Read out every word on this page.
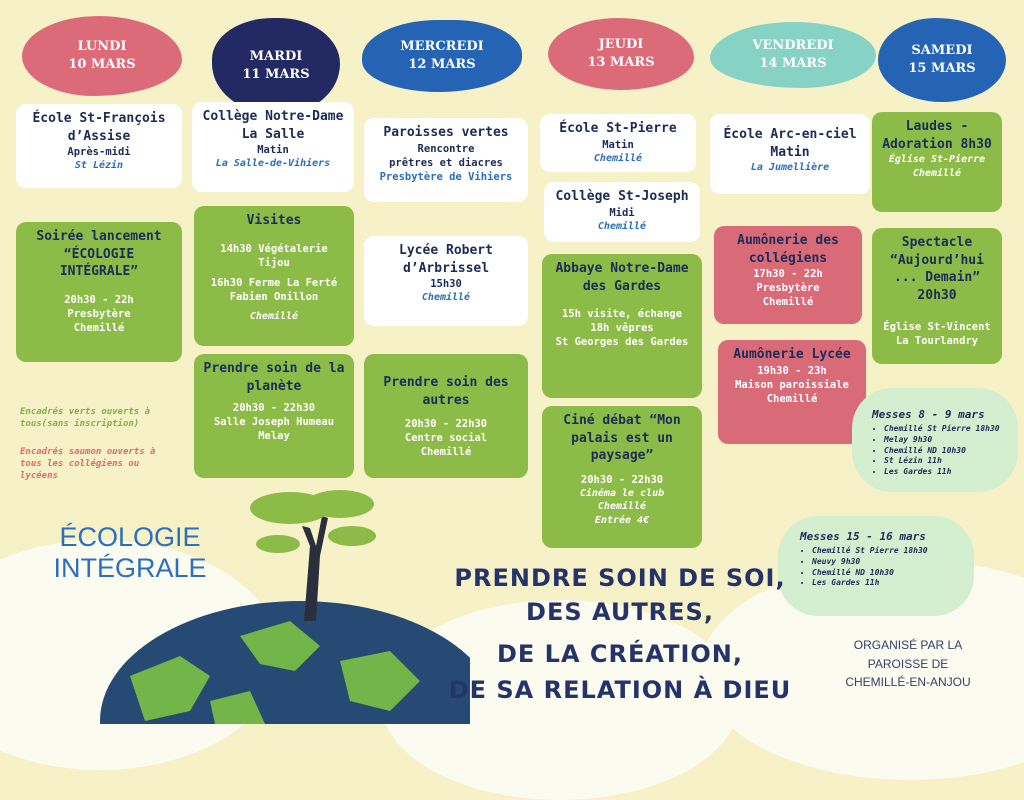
LUNDI
10 MARS
MARDI
11 MARS
MERCREDI
12 MARS
JEUDI
13 MARS
VENDREDI
14 MARS
SAMEDI
15 MARS
École St-François d’Assise
Après-midi
St Lézin
Soirée lancement “ÉCOLOGIE INTÉGRALE”
20h30 - 22h
Presbytère
Chemillé
Collège Notre-Dame La Salle
Matin
La Salle-de-Vihiers
Visites
14h30 Végétalerie
Tijou
16h30 Ferme La Ferté
Fabien Onillon
Chemillé
Prendre soin de la planète
20h30 - 22h30
Salle Joseph Humeau
Melay
Paroisses vertes
Rencontre
prêtres et diacres
Presbytère de Vihiers
Lycée Robert d’Arbrissel
15h30
Chemillé
Prendre soin des autres
20h30 - 22h30
Centre social
Chemillé
École St-Pierre
Matin
Chemillé
Collège St-Joseph
Midi
Chemillé
Abbaye Notre-Dame des Gardes
15h visite, échange
18h vêpres
St Georges des Gardes
Ciné débat “Mon palais est un paysage”
20h30 - 22h30
Cinéma le club
Chemillé
Entrée 4€
École Arc-en-ciel Matin
La Jumellière
Aumônerie des collégiens
17h30 - 22h
Presbytère
Chemillé
Aumônerie Lycée
19h30 - 23h
Maison paroissiale
Chemillé
Laudes - Adoration 8h30
Église St-Pierre
Chemillé
Spectacle “Aujourd’hui ... Demain” 20h30
Église St-Vincent
La Tourlandry
Encadrés verts ouverts à tous(sans inscription)
Encadrés saumon ouverts à tous les collégiens ou lycéens
Messes 8 - 9 mars
• Chemillé St Pierre 18h30
• Melay 9h30
• Chemillé ND 10h30
• St Lézin 11h
• Les Gardes 11h
Messes 15 - 16 mars
• Chemillé St Pierre 18h30
• Neuvy 9h30
• Chemillé ND 10h30
• Les Gardes 11h
ÉCOLOGIE
INTÉGRALE	PRENDRE SOIN DE SOI,
DES AUTRES,
DE LA CRÉATION,
DE SA RELATION À DIEU
ORGANISÉ PAR LA
PAROISSE DE
CHEMILLÉ-EN-ANJOU
